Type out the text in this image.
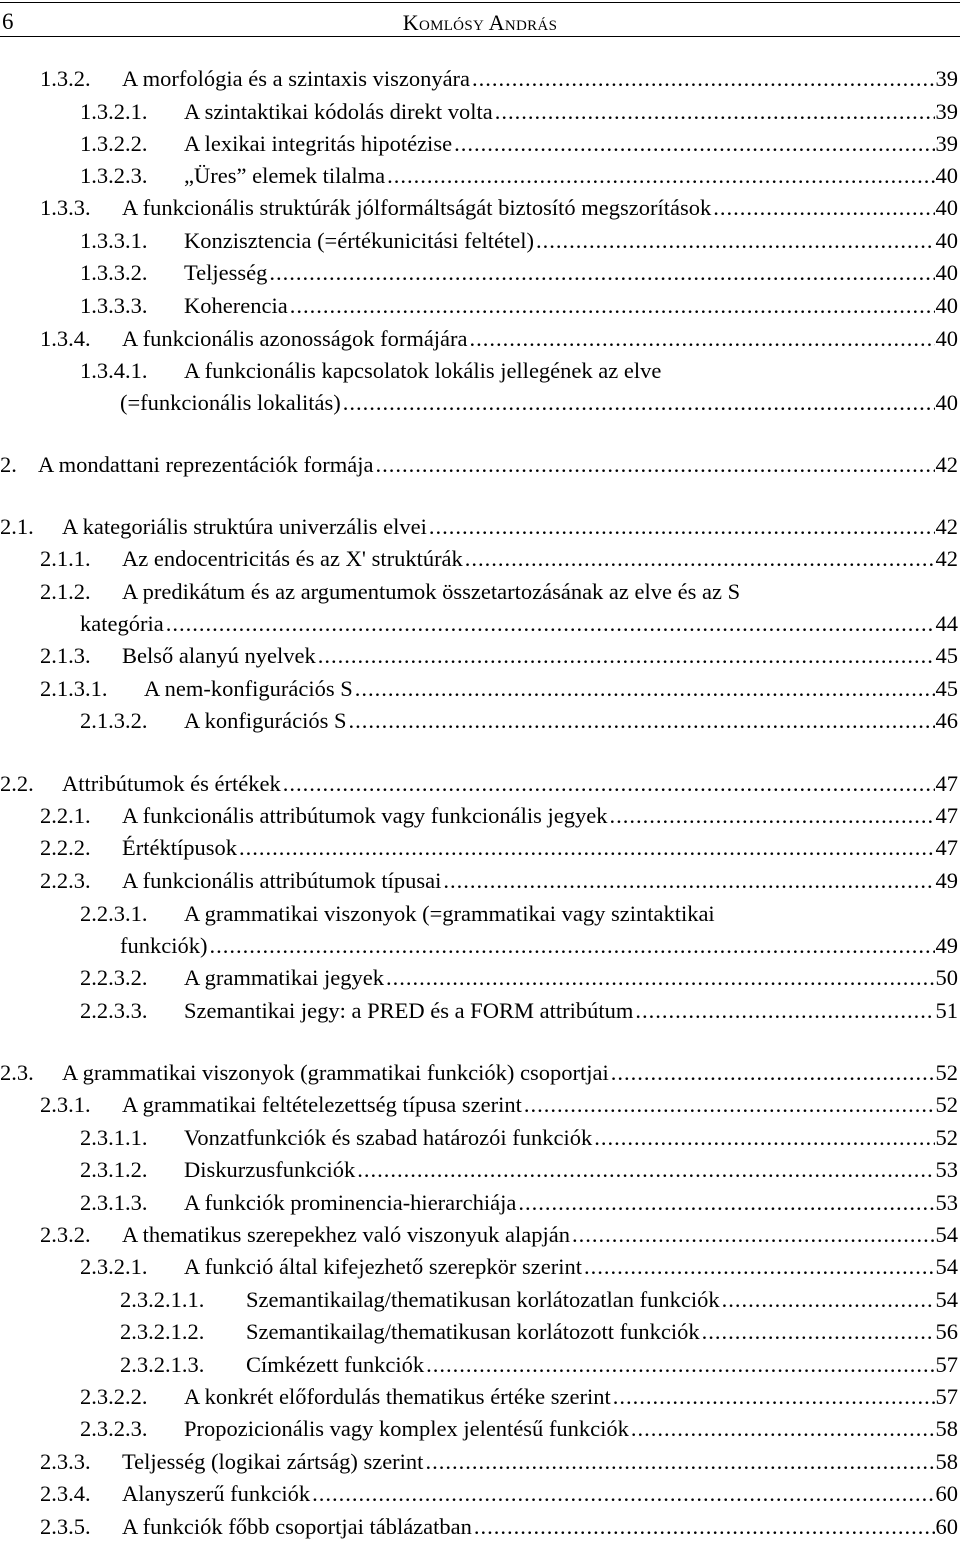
6	Komlósy András
1.3.2. A morfológia és a szintaxis viszonyára .....	39
1.3.2.1. A szintaktikai kódolás direkt volta .....	39
1.3.2.2. A lexikai integritás hipotézise .....	39
1.3.2.3. „Üres” elemek tilalma .....	40
1.3.3. A funkcionális struktúrák jólformáltságát biztosító megszorítások .....	40
1.3.3.1. Konzisztencia (=értékunicitási feltétel) .....	40
1.3.3.2. Teljesség .....	40
1.3.3.3. Koherencia .....	40
1.3.4. A funkcionális azonosságok formájára .....	40
1.3.4.1. A funkcionális kapcsolatok lokális jellegének az elve
(=funkcionális lokalitás) .....	40
2. A mondattani reprezentációk formája .....	42
2.1. A kategoriális struktúra univerzális elvei .....	42
2.1.1. Az endocentricitás és az X' struktúrák .....	42
2.1.2. A predikátum és az argumentumok összetartozásának az elve és az S
kategória .....	44
2.1.3. Belső alanyú nyelvek .....	45
2.1.3.1. A nem-konfigurációs S .....	45
2.1.3.2. A konfigurációs S .....	46
2.2. Attribútumok és értékek .....	47
2.2.1. A funkcionális attribútumok vagy funkcionális jegyek .....	47
2.2.2. Értéktípusok .....	47
2.2.3. A funkcionális attribútumok típusai .....	49
2.2.3.1. A grammatikai viszonyok (=grammatikai vagy szintaktikai
funkciók) .....	49
2.2.3.2. A grammatikai jegyek .....	50
2.2.3.3. Szemantikai jegy: a PRED és a FORM attribútum .....	51
2.3. A grammatikai viszonyok (grammatikai funkciók) csoportjai .....	52
2.3.1. A grammatikai feltételezettség típusa szerint .....	52
2.3.1.1. Vonzatfunkciók és szabad határozói funkciók .....	52
2.3.1.2. Diskurzusfunkciók .....	53
2.3.1.3. A funkciók prominencia-hierarchiája .....	53
2.3.2. A thematikus szerepekhez való viszonyuk alapján .....	54
2.3.2.1. A funkció által kifejezhető szerepkör szerint .....	54
2.3.2.1.1. Szemantikailag/thematikusan korlátozatlan funkciók .....	54
2.3.2.1.2. Szemantikailag/thematikusan korlátozott funkciók .....	56
2.3.2.1.3. Címkézett funkciók .....	57
2.3.2.2. A konkrét előfordulás thematikus értéke szerint .....	57
2.3.2.3. Propozicionális vagy komplex jelentésű funkciók .....	58
2.3.3. Teljesség (logikai zártság) szerint .....	58
2.3.4. Alanyszerű funkciók .....	60
2.3.5. A funkciók főbb csoportjai táblázatban .....	60
